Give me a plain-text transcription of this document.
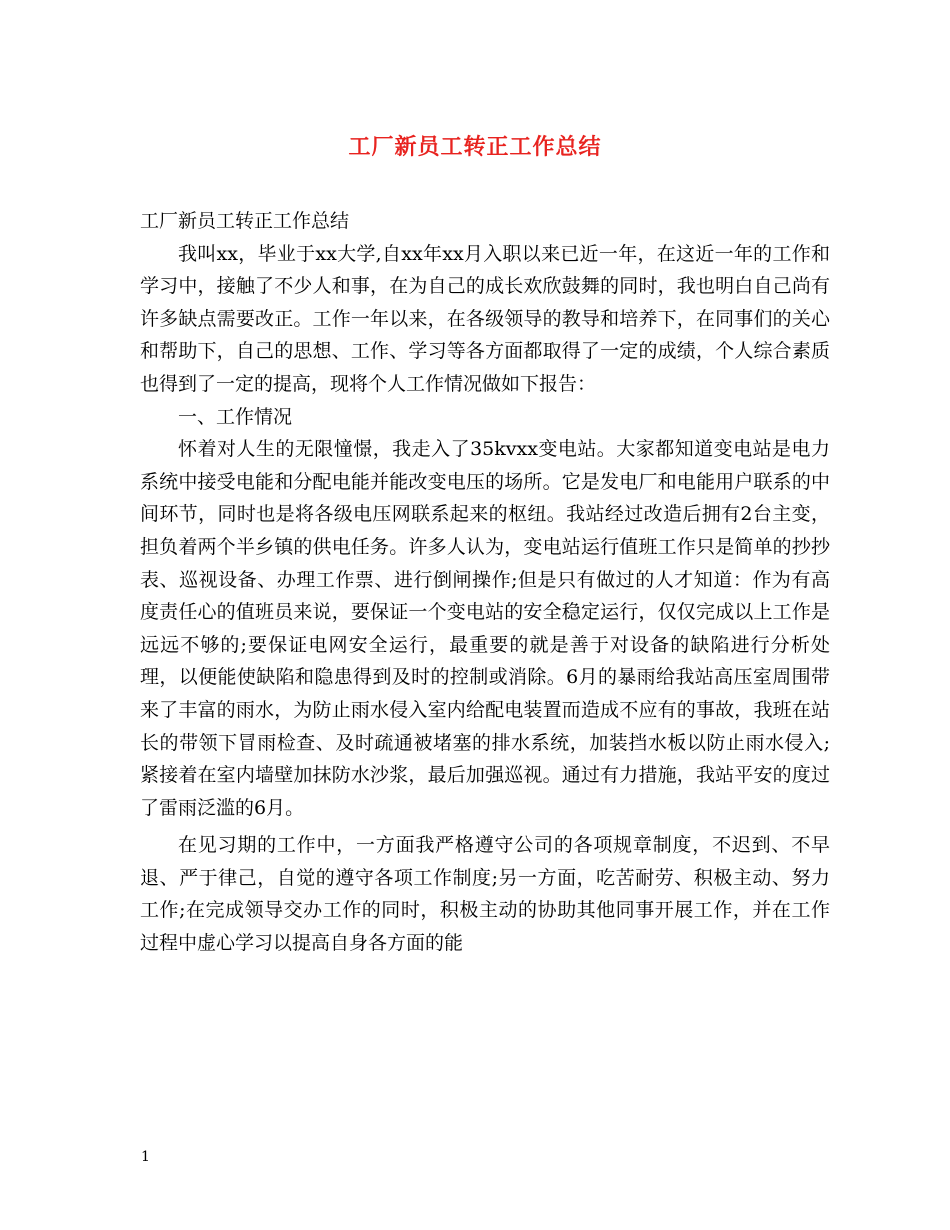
工厂新员工转正工作总结

工厂新员工转正工作总结

我叫xx，毕业于xx大学,自xx年xx月入职以来已近一年，在这近一年的工作和学习中，接触了不少人和事，在为自己的成长欢欣鼓舞的同时，我也明白自己尚有许多缺点需要改正。工作一年以来，在各级领导的教导和培养下，在同事们的关心和帮助下，自己的思想、工作、学习等各方面都取得了一定的成绩，个人综合素质也得到了一定的提高，现将个人工作情况做如下报告：

一、工作情况

怀着对人生的无限憧憬，我走入了35kvxx变电站。大家都知道变电站是电力系统中接受电能和分配电能并能改变电压的场所。它是发电厂和电能用户联系的中间环节，同时也是将各级电压网联系起来的枢纽。我站经过改造后拥有2台主变，担负着两个半乡镇的供电任务。许多人认为，变电站运行值班工作只是简单的抄抄表、巡视设备、办理工作票、进行倒闸操作;但是只有做过的人才知道：作为有高度责任心的值班员来说，要保证一个变电站的安全稳定运行，仅仅完成以上工作是远远不够的;要保证电网安全运行，最重要的就是善于对设备的缺陷进行分析处理，以便能使缺陷和隐患得到及时的控制或消除。6月的暴雨给我站高压室周围带来了丰富的雨水，为防止雨水侵入室内给配电装置而造成不应有的事故，我班在站长的带领下冒雨检查、及时疏通被堵塞的排水系统，加装挡水板以防止雨水侵入;紧接着在室内墙壁加抹防水沙浆，最后加强巡视。通过有力措施，我站平安的度过了雷雨泛滥的6月。

在见习期的工作中，一方面我严格遵守公司的各项规章制度，不迟到、不早退、严于律己，自觉的遵守各项工作制度;另一方面，吃苦耐劳、积极主动、努力工作;在完成领导交办工作的同时，积极主动的协助其他同事开展工作，并在工作过程中虚心学习以提高自身各方面的能

1
